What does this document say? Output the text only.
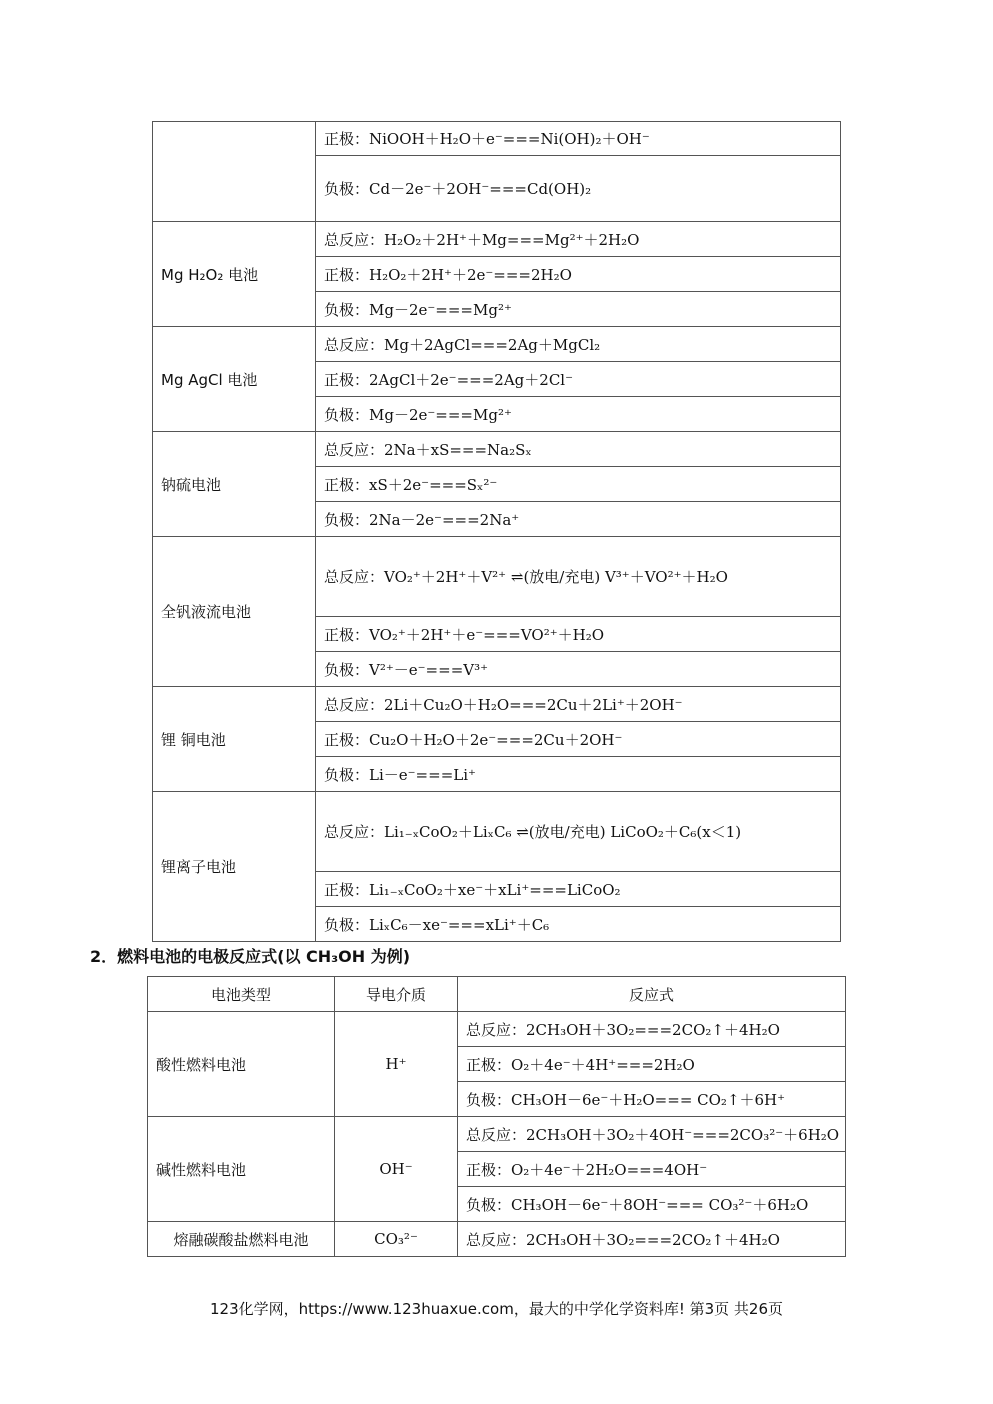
	正极：NiOOH＋H₂O＋e⁻===Ni(OH)₂＋OH⁻
	负极：Cd－2e⁻＋2OH⁻===Cd(OH)₂
Mg H₂O₂ 电池	总反应：H₂O₂＋2H⁺＋Mg===Mg²⁺＋2H₂O
	正极：H₂O₂＋2H⁺＋2e⁻===2H₂O
	负极：Mg－2e⁻===Mg²⁺
Mg AgCl 电池	总反应：Mg＋2AgCl===2Ag＋MgCl₂
	正极：2AgCl＋2e⁻===2Ag＋2Cl⁻
	负极：Mg－2e⁻===Mg²⁺
钠硫电池	总反应：2Na＋xS===Na₂Sₓ
	正极：xS＋2e⁻===Sₓ²⁻
	负极：2Na－2e⁻===2Na⁺
全钒液流电池	总反应：VO₂⁺＋2H⁺＋V²⁺ ⇌(放电/充电) V³⁺＋VO²⁺＋H₂O
	正极：VO₂⁺＋2H⁺＋e⁻===VO²⁺＋H₂O
	负极：V²⁺－e⁻===V³⁺
锂 铜电池	总反应：2Li＋Cu₂O＋H₂O===2Cu＋2Li⁺＋2OH⁻
	正极：Cu₂O＋H₂O＋2e⁻===2Cu＋2OH⁻
	负极：Li－e⁻===Li⁺
锂离子电池	总反应：Li₁₋ₓCoO₂＋LiₓC₆ ⇌(放电/充电) LiCoO₂＋C₆(x＜1)
	正极：Li₁₋ₓCoO₂＋xe⁻＋xLi⁺===LiCoO₂
	负极：LiₓC₆－xe⁻===xLi⁺＋C₆
2．燃料电池的电极反应式(以 CH₃OH 为例)
电池类型	导电介质	反应式
酸性燃料电池	H⁺	总反应：2CH₃OH＋3O₂===2CO₂↑＋4H₂O
		正极：O₂＋4e⁻＋4H⁺===2H₂O
		负极：CH₃OH－6e⁻＋H₂O=== CO₂↑＋6H⁺
碱性燃料电池	OH⁻	总反应：2CH₃OH＋3O₂＋4OH⁻===2CO₃²⁻＋6H₂O
		正极：O₂＋4e⁻＋2H₂O===4OH⁻
		负极：CH₃OH－6e⁻＋8OH⁻=== CO₃²⁻＋6H₂O
熔融碳酸盐燃料电池	CO₃²⁻	总反应：2CH₃OH＋3O₂===2CO₂↑＋4H₂O
123化学网，https://www.123huaxue.com，最大的中学化学资料库! 第3页 共26页
